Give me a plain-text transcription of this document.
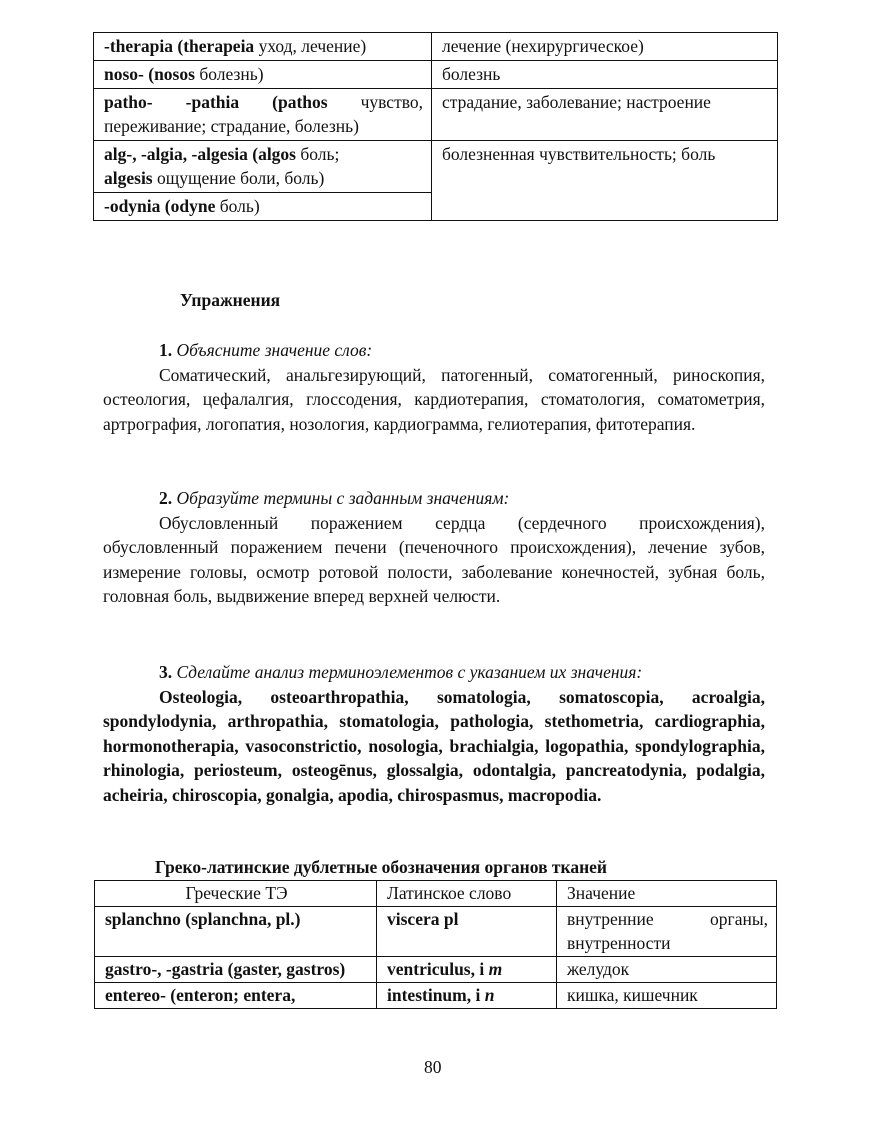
-therapia (therapeia уход, лечение)	лечение (нехирургическое)
noso- (nosos болезнь)	болезнь
patho- -pathia (pathos чувство, переживание; страдание, болезнь)	страдание, заболевание; настроение
alg-, -algia, -algesia (algos боль;
algesis ощущение боли, боль)	болезненная чувствительность; боль
-odynia (odyne боль)	
Упражнения
1. Объясните значение слов:
Соматический, анальгезирующий, патогенный, соматогенный, риноскопия, остеология, цефалалгия, глоссодения, кардиотерапия, стоматология, соматометрия, артрография, логопатия, нозология, кардиограмма, гелиотерапия, фитотерапия.
2. Образуйте термины с заданным значениям:
Обусловленный поражением сердца (сердечного происхождения), обусловленный поражением печени (печеночного происхождения), лечение зубов, измерение головы, осмотр ротовой полости, заболевание конечностей, зубная боль, головная боль, выдвижение вперед верхней челюсти.
3. Сделайте анализ терминоэлементов с указанием их значения:
Osteologia, osteoarthropathia, somatologia, somatoscopia, acroalgia, spondylodynia, arthropathia, stomatologia, pathologia, stethometria, cardiographia, hormonotherapia, vasoconstrictio, nosologia, brachialgia, logopathia, spondylographia, rhinologia, periosteum, osteogēnus, glossalgia, odontalgia, pancreatodynia, podalgia, acheiria, chiroscopia, gonalgia, apodia, chirospasmus, macropodia.
Греко-латинские дублетные обозначения органов тканей
Греческие ТЭ	Латинское слово	Значение
splanchno (splanchna, pl.)	viscera pl	внутренние органы, внутренности
gastro-, -gastria (gaster, gastros)	ventriculus, i m	желудок
entereo- (enteron; entera,	intestinum, i n	кишка, кишечник
80
